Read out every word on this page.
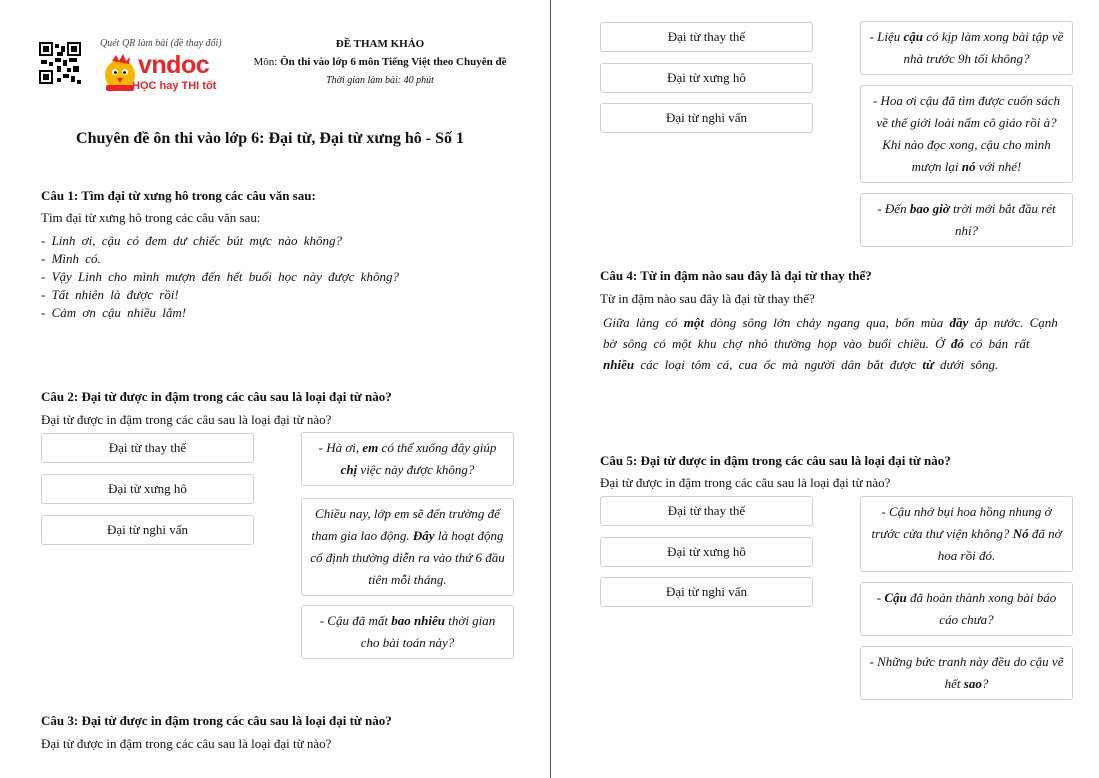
Quét QR làm bài (đề thay đổi)
vndoc
HỌC hay THI tốt
ĐỀ THAM KHẢO
Môn: Ôn thi vào lớp 6 môn Tiếng Việt theo Chuyên đề
Thời gian làm bài: 40 phút
Chuyên đề ôn thi vào lớp 6: Đại từ, Đại từ xưng hô - Số 1
Câu 1: Tìm đại từ xưng hô trong các câu văn sau:
Tìm đại từ xưng hô trong các câu văn sau:
- Linh ơi, cậu có đem dư chiếc bút mực nào không?
- Mình có.
- Vậy Linh cho mình mượn đến hết buổi học này được không?
- Tất nhiên là được rồi!
- Cảm ơn cậu nhiều lắm!
Câu 2: Đại từ được in đậm trong các câu sau là loại đại từ nào?
Đại từ được in đậm trong các câu sau là loại đại từ nào?
Đại từ thay thế
Đại từ xưng hô
Đại từ nghi vấn
- Hà ơi, em có thể xuống đây giúp chị việc này được không?
Chiều nay, lớp em sẽ đến trường để tham gia lao động. Đây là hoạt động cố định thường diễn ra vào thứ 6 đầu tiên mỗi tháng.
- Cậu đã mất bao nhiêu thời gian cho bài toán này?
Câu 3: Đại từ được in đậm trong các câu sau là loại đại từ nào?
Đại từ được in đậm trong các câu sau là loại đại từ nào?
Đại từ thay thế
Đại từ xưng hô
Đại từ nghi vấn
- Liệu cậu có kịp làm xong bài tập về nhà trước 9h tối không?
- Hoa ơi cậu đã tìm được cuốn sách về thế giới loài nấm cô giáo rồi à? Khi nào đọc xong, cậu cho mình mượn lại nó với nhé!
- Đến bao giờ trời mới bắt đầu rét nhỉ?
Câu 4: Từ in đậm nào sau đây là đại từ thay thế?
Từ in đậm nào sau đây là đại từ thay thế?
Giữa làng có một dòng sông lớn chảy ngang qua, bốn mùa đầy ắp nước. Cạnh bờ sông có một khu chợ nhỏ thường họp vào buổi chiều. Ở đó có bán rất nhiều các loại tôm cá, cua ốc mà người dân bắt được từ dưới sông.
Câu 5: Đại từ được in đậm trong các câu sau là loại đại từ nào?
Đại từ được in đậm trong các câu sau là loại đại từ nào?
Đại từ thay thế
Đại từ xưng hô
Đại từ nghi vấn
- Cậu nhớ bụi hoa hồng nhung ở trước cửa thư viện không? Nó đã nở hoa rồi đó.
- Cậu đã hoàn thành xong bài báo cáo chưa?
- Những bức tranh này đều do cậu vẽ hết sao?
